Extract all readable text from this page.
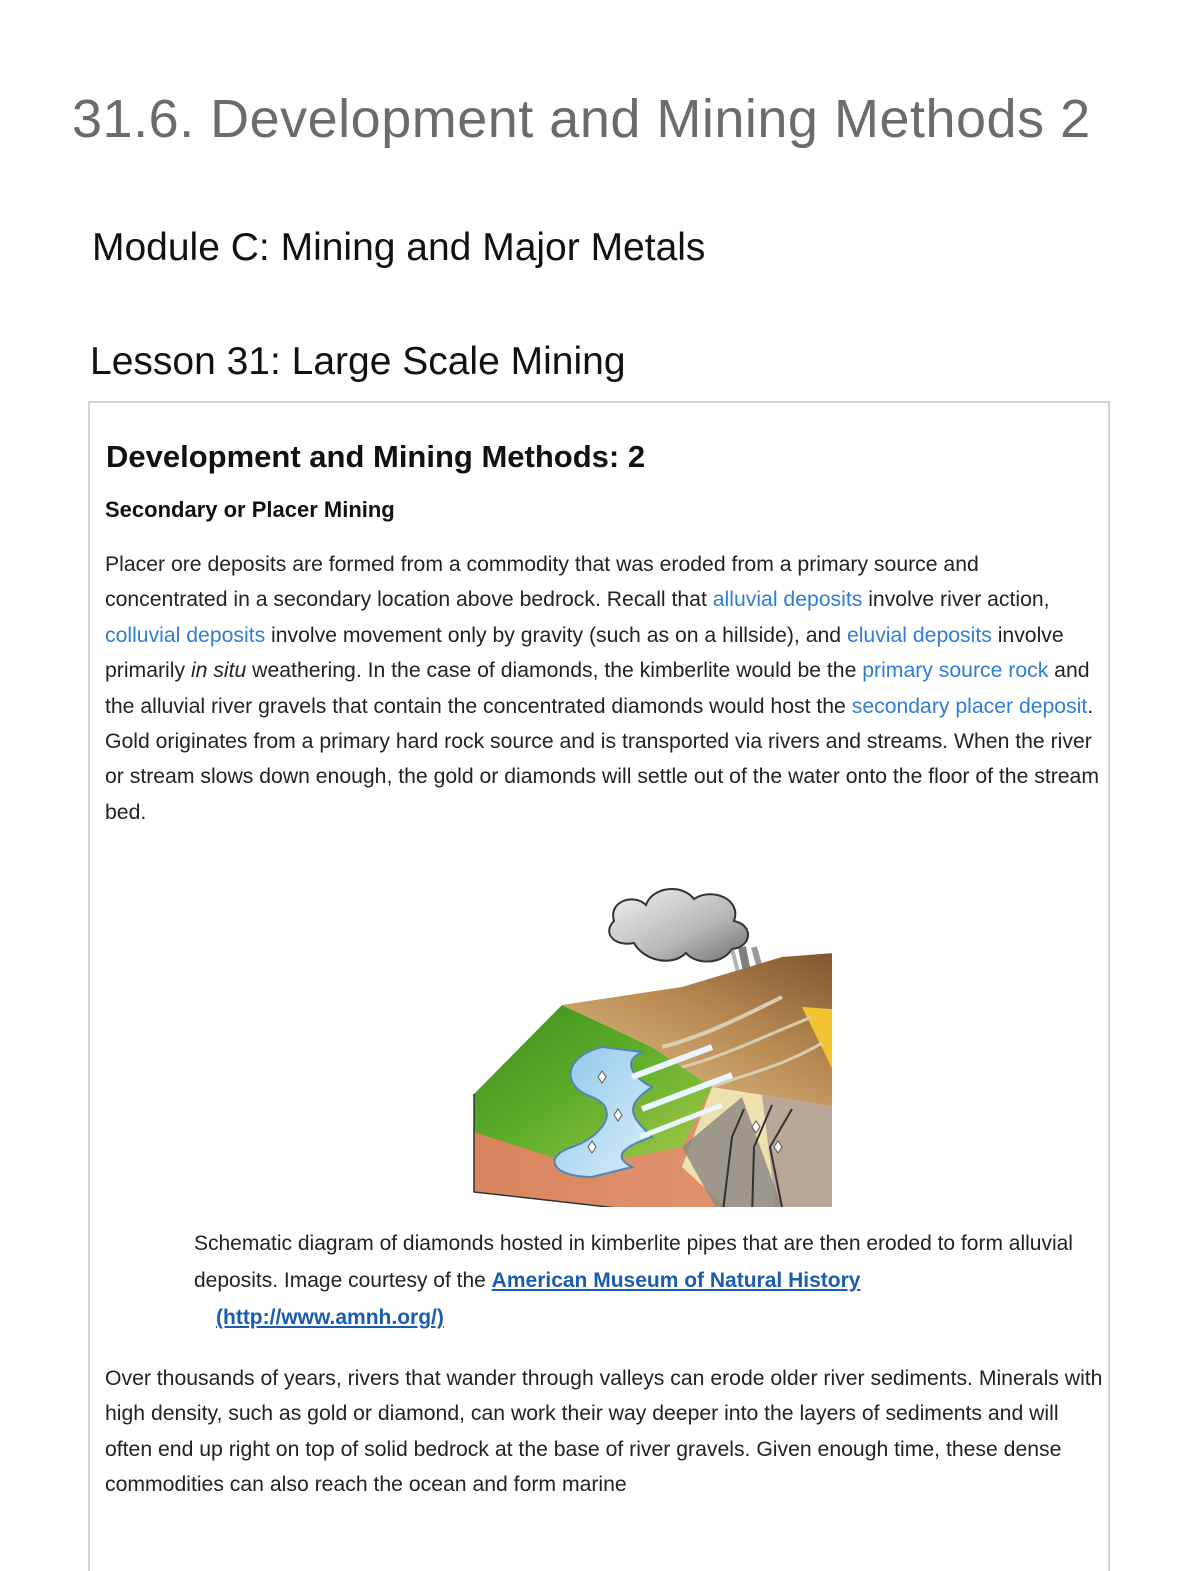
31.6. Development and Mining Methods 2
Module C: Mining and Major Metals
Lesson 31: Large Scale Mining
Development and Mining Methods: 2
Secondary or Placer Mining

Placer ore deposits are formed from a commodity that was eroded from a primary source and concentrated in a secondary location above bedrock. Recall that alluvial deposits involve river action, colluvial deposits involve movement only by gravity (such as on a hillside), and eluvial deposits involve primarily in situ weathering. In the case of diamonds, the kimberlite would be the primary source rock and the alluvial river gravels that contain the concentrated diamonds would host the secondary placer deposit. Gold originates from a primary hard rock source and is transported via rivers and streams. When the river or stream slows down enough, the gold or diamonds will settle out of the water onto the floor of the stream bed.

Schematic diagram of diamonds hosted in kimberlite pipes that are then eroded to form alluvial deposits. Image courtesy of the American Museum of Natural History
(http://www.amnh.org/)

Over thousands of years, rivers that wander through valleys can erode older river sediments. Minerals with high density, such as gold or diamond, can work their way deeper into the layers of sediments and will often end up right on top of solid bedrock at the base of river gravels. Given enough time, these dense commodities can also reach the ocean and form marine
